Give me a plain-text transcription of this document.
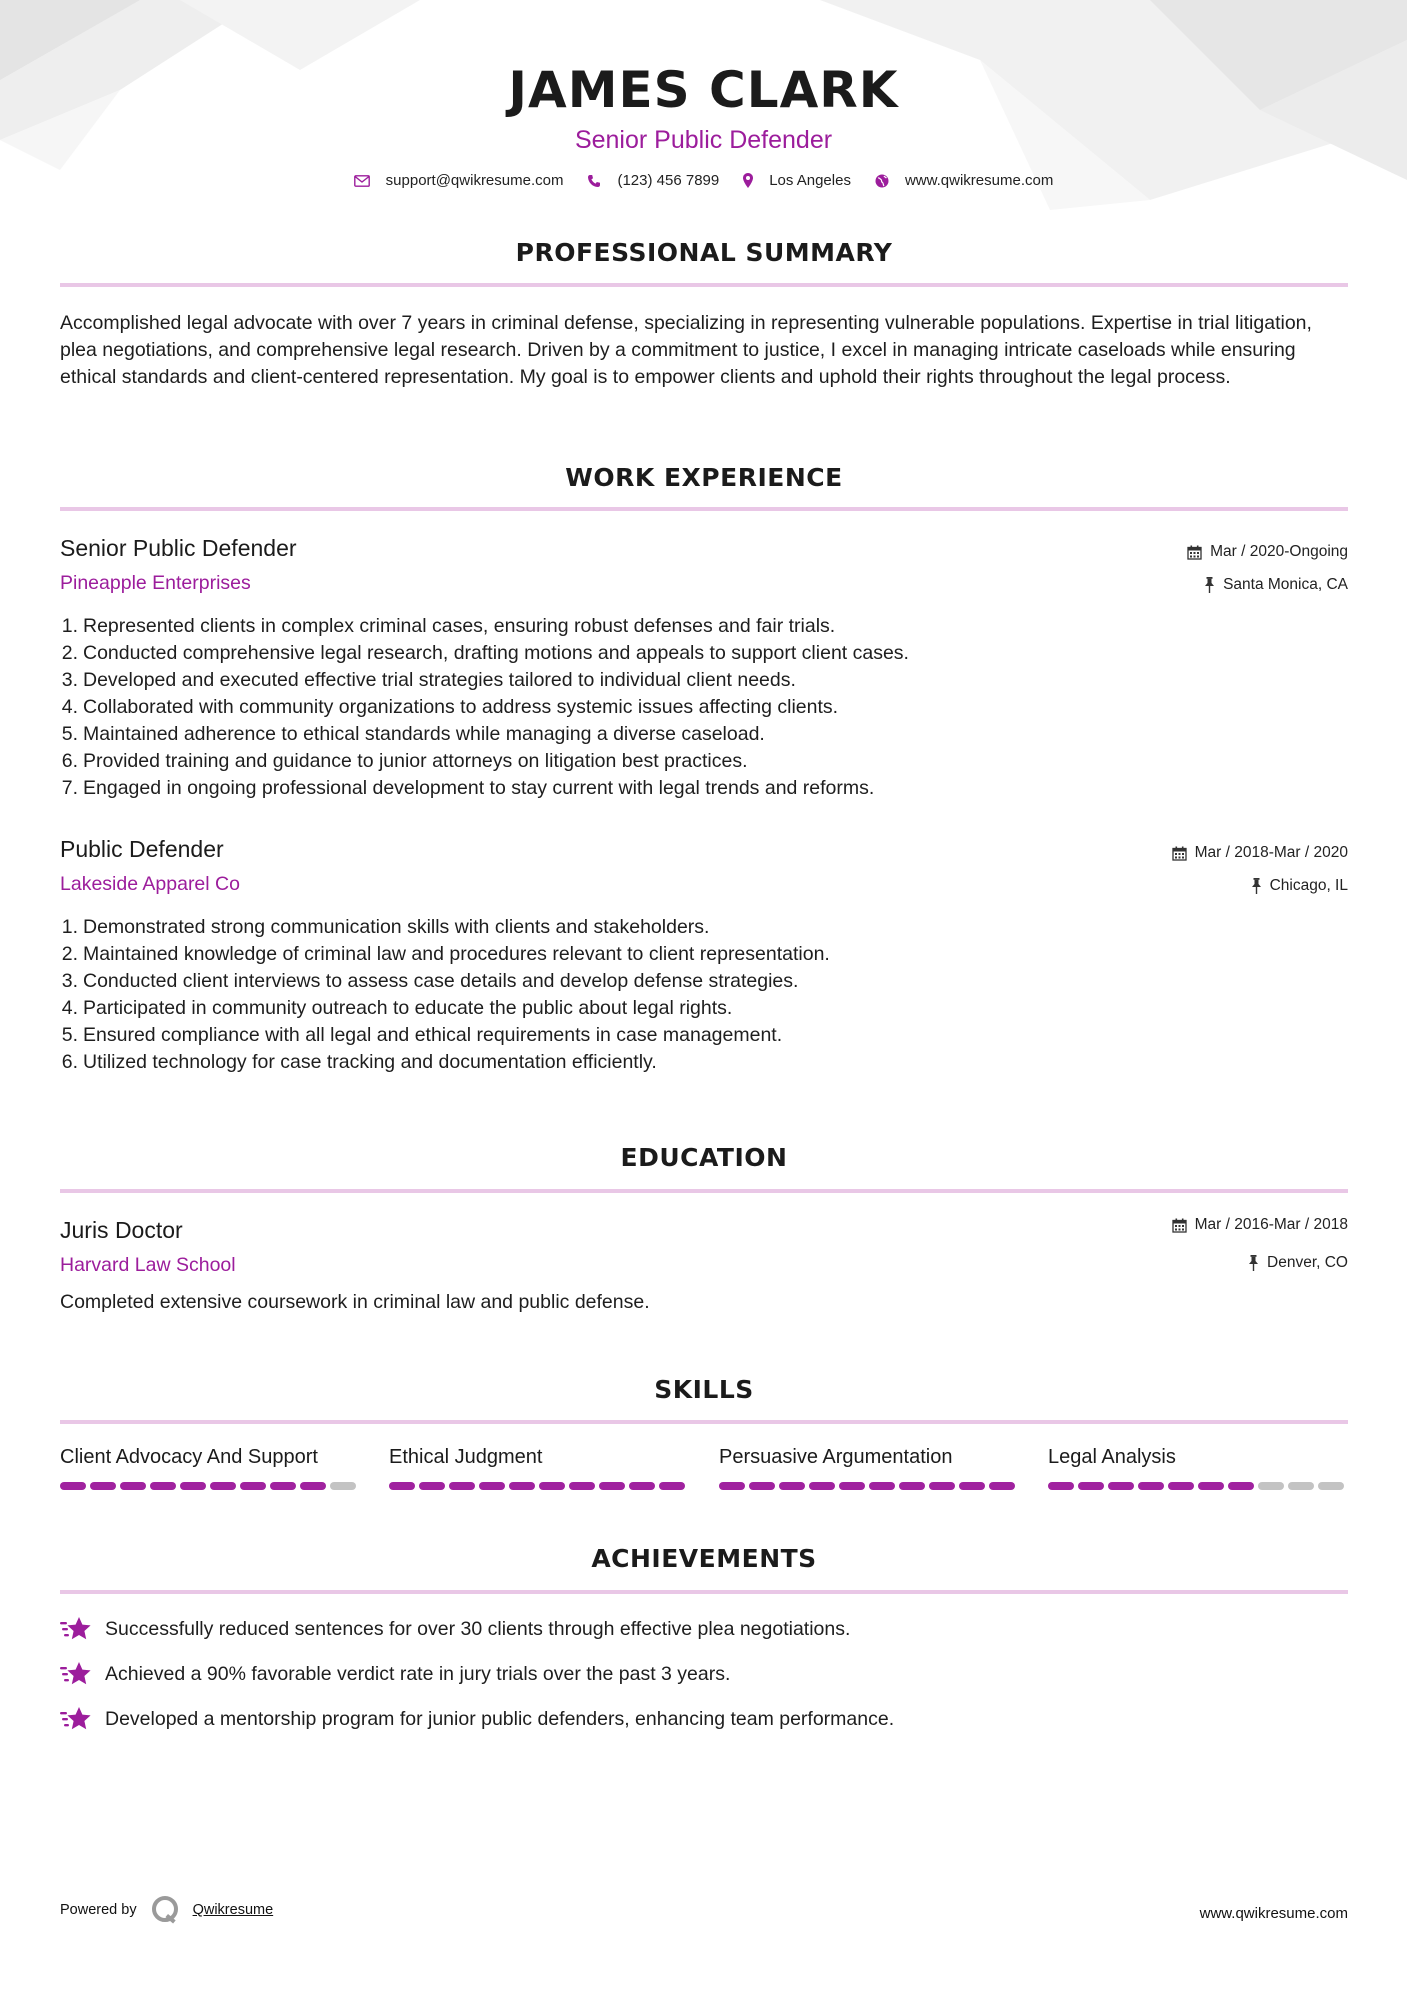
JAMES CLARK
Senior Public Defender
support@qwikresume.com	(123) 456 7899	Los Angeles	www.qwikresume.com
PROFESSIONAL SUMMARY
Accomplished legal advocate with over 7 years in criminal defense, specializing in representing vulnerable populations. Expertise in trial litigation, plea negotiations, and comprehensive legal research. Driven by a commitment to justice, I excel in managing intricate caseloads while ensuring ethical standards and client-centered representation. My goal is to empower clients and uphold their rights throughout the legal process.
WORK EXPERIENCE
Senior Public Defender
Pineapple Enterprises
Mar / 2020-Ongoing
Santa Monica, CA
1. Represented clients in complex criminal cases, ensuring robust defenses and fair trials.
2. Conducted comprehensive legal research, drafting motions and appeals to support client cases.
3. Developed and executed effective trial strategies tailored to individual client needs.
4. Collaborated with community organizations to address systemic issues affecting clients.
5. Maintained adherence to ethical standards while managing a diverse caseload.
6. Provided training and guidance to junior attorneys on litigation best practices.
7. Engaged in ongoing professional development to stay current with legal trends and reforms.
Public Defender
Lakeside Apparel Co
Mar / 2018-Mar / 2020
Chicago, IL
1. Demonstrated strong communication skills with clients and stakeholders.
2. Maintained knowledge of criminal law and procedures relevant to client representation.
3. Conducted client interviews to assess case details and develop defense strategies.
4. Participated in community outreach to educate the public about legal rights.
5. Ensured compliance with all legal and ethical requirements in case management.
6. Utilized technology for case tracking and documentation efficiently.
EDUCATION
Juris Doctor
Harvard Law School
Mar / 2016-Mar / 2018
Denver, CO
Completed extensive coursework in criminal law and public defense.
SKILLS
Client Advocacy And Support	Ethical Judgment	Persuasive Argumentation	Legal Analysis
ACHIEVEMENTS
Successfully reduced sentences for over 30 clients through effective plea negotiations.
Achieved a 90% favorable verdict rate in jury trials over the past 3 years.
Developed a mentorship program for junior public defenders, enhancing team performance.
Powered by	Qwikresume	www.qwikresume.com
